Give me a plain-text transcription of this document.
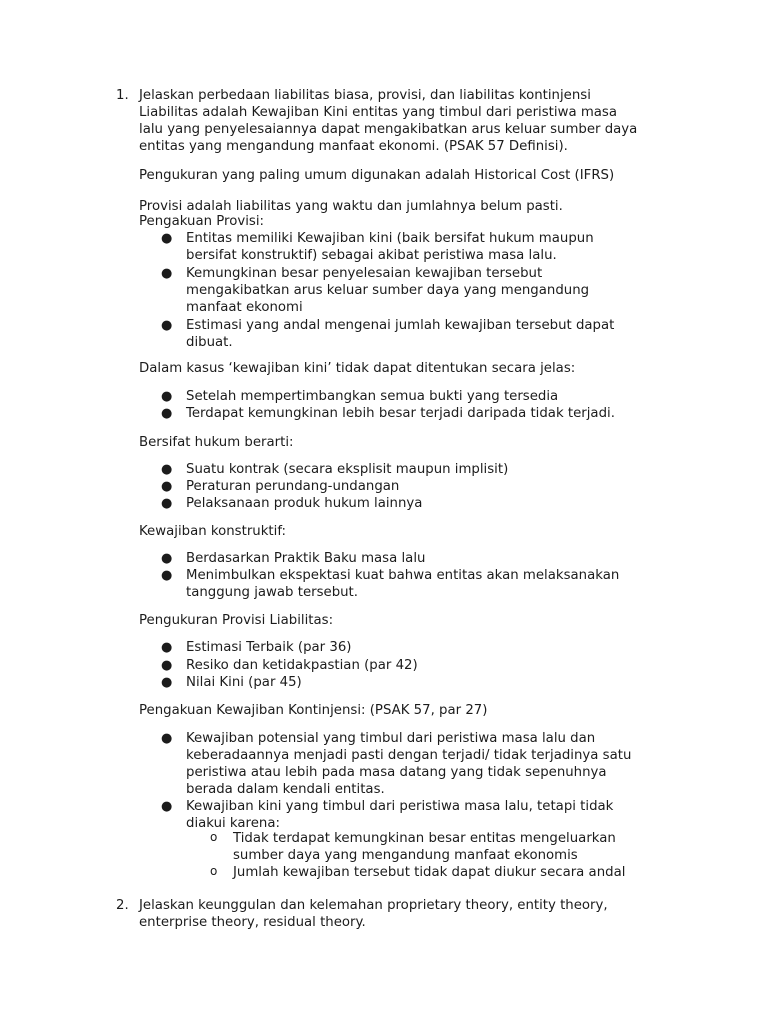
1. Jelaskan perbedaan liabilitas biasa, provisi, dan liabilitas kontinjensi
Liabilitas adalah Kewajiban Kini entitas yang timbul dari peristiwa masa
lalu yang penyelesaiannya dapat mengakibatkan arus keluar sumber daya
entitas yang mengandung manfaat ekonomi. (PSAK 57 Definisi).
Pengukuran yang paling umum digunakan adalah Historical Cost (IFRS)
Provisi adalah liabilitas yang waktu dan jumlahnya belum pasti.
Pengakuan Provisi:
● Entitas memiliki Kewajiban kini (baik bersifat hukum maupun
bersifat konstruktif) sebagai akibat peristiwa masa lalu.
● Kemungkinan besar penyelesaian kewajiban tersebut
mengakibatkan arus keluar sumber daya yang mengandung
manfaat ekonomi
● Estimasi yang andal mengenai jumlah kewajiban tersebut dapat
dibuat.
Dalam kasus ‘kewajiban kini’ tidak dapat ditentukan secara jelas:
● Setelah mempertimbangkan semua bukti yang tersedia
● Terdapat kemungkinan lebih besar terjadi daripada tidak terjadi.
Bersifat hukum berarti:
● Suatu kontrak (secara eksplisit maupun implisit)
● Peraturan perundang-undangan
● Pelaksanaan produk hukum lainnya
Kewajiban konstruktif:
● Berdasarkan Praktik Baku masa lalu
● Menimbulkan ekspektasi kuat bahwa entitas akan melaksanakan
tanggung jawab tersebut.
Pengukuran Provisi Liabilitas:
● Estimasi Terbaik (par 36)
● Resiko dan ketidakpastian (par 42)
● Nilai Kini (par 45)
Pengakuan Kewajiban Kontinjensi: (PSAK 57, par 27)
● Kewajiban potensial yang timbul dari peristiwa masa lalu dan
keberadaannya menjadi pasti dengan terjadi/ tidak terjadinya satu
peristiwa atau lebih pada masa datang yang tidak sepenuhnya
berada dalam kendali entitas.
● Kewajiban kini yang timbul dari peristiwa masa lalu, tetapi tidak
diakui karena:
o Tidak terdapat kemungkinan besar entitas mengeluarkan
sumber daya yang mengandung manfaat ekonomis
o Jumlah kewajiban tersebut tidak dapat diukur secara andal
2. Jelaskan keunggulan dan kelemahan proprietary theory, entity theory,
enterprise theory, residual theory.
